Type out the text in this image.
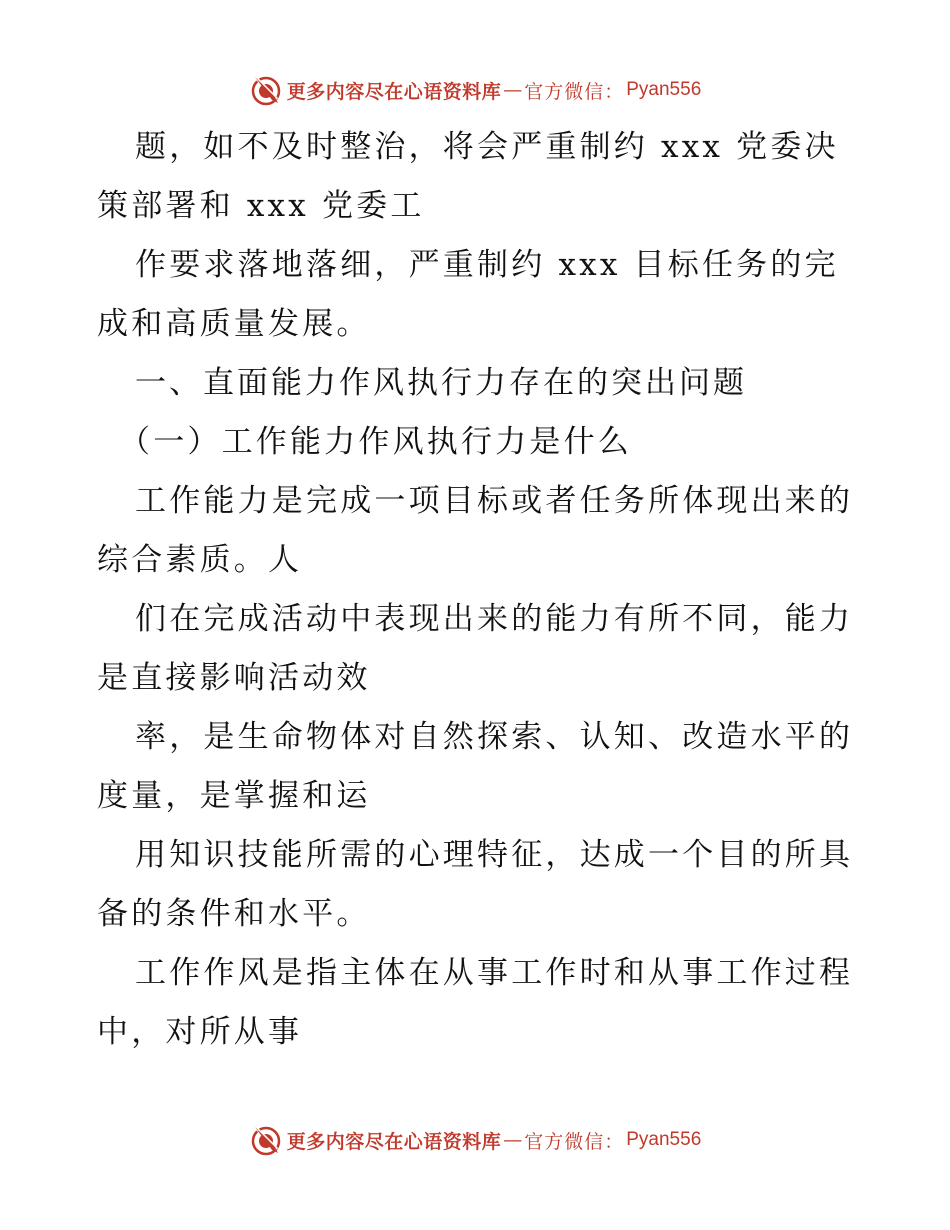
更多内容尽在心语资料库 — 官方微信： Pyan556

题，如不及时整治，将会严重制约 xxx 党委决策部署和 xxx 党委工

作要求落地落细，严重制约 xxx 目标任务的完成和高质量发展。

一、直面能力作风执行力存在的突出问题

（一）工作能力作风执行力是什么

工作能力是完成一项目标或者任务所体现出来的综合素质。人

们在完成活动中表现出来的能力有所不同，能力是直接影响活动效

率，是生命物体对自然探索、认知、改造水平的度量，是掌握和运

用知识技能所需的心理特征，达成一个目的所具备的条件和水平。

工作作风是指主体在从事工作时和从事工作过程中，对所从事

更多内容尽在心语资料库 — 官方微信： Pyan556
